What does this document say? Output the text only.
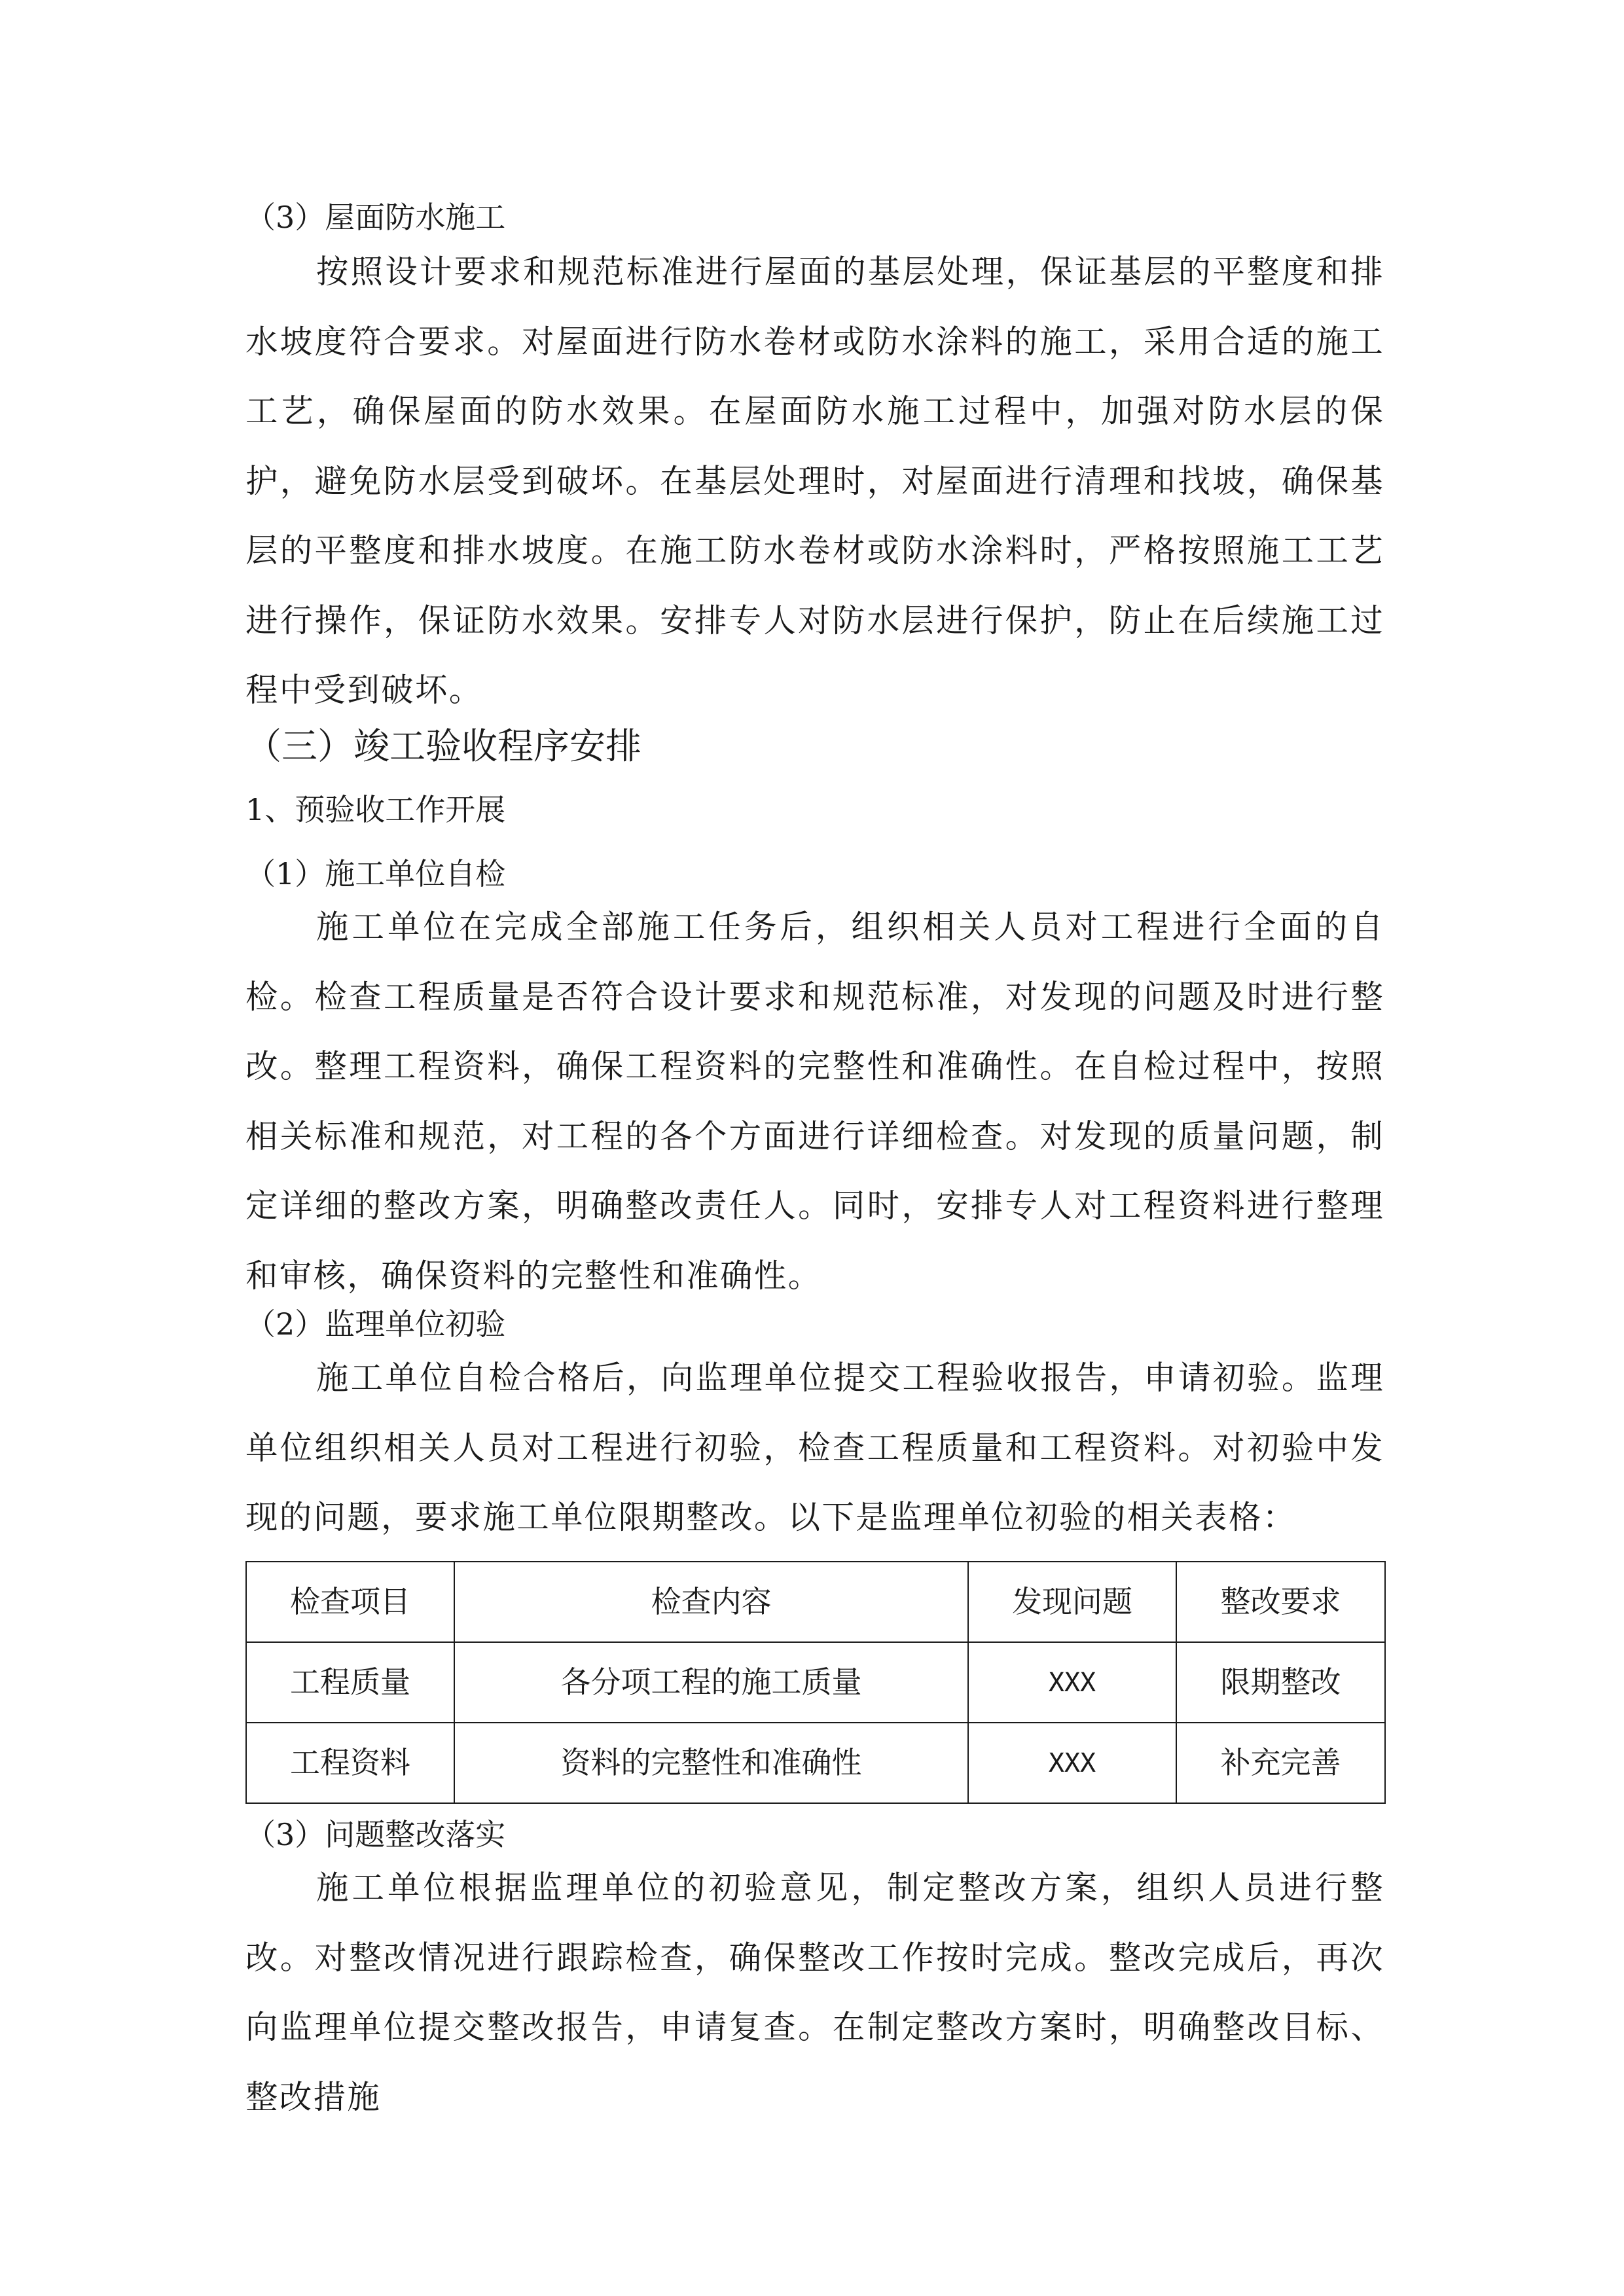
（3）屋面防水施工

按照设计要求和规范标准进行屋面的基层处理，保证基层的平整度和排水坡度符合要求。对屋面进行防水卷材或防水涂料的施工，采用合适的施工工艺，确保屋面的防水效果。在屋面防水施工过程中，加强对防水层的保护，避免防水层受到破坏。在基层处理时，对屋面进行清理和找坡，确保基层的平整度和排水坡度。在施工防水卷材或防水涂料时，严格按照施工工艺进行操作，保证防水效果。安排专人对防水层进行保护，防止在后续施工过程中受到破坏。

（三）竣工验收程序安排

1、预验收工作开展

（1）施工单位自检

施工单位在完成全部施工任务后，组织相关人员对工程进行全面的自检。检查工程质量是否符合设计要求和规范标准，对发现的问题及时进行整改。整理工程资料，确保工程资料的完整性和准确性。在自检过程中，按照相关标准和规范，对工程的各个方面进行详细检查。对发现的质量问题，制定详细的整改方案，明确整改责任人。同时，安排专人对工程资料进行整理和审核，确保资料的完整性和准确性。

（2）监理单位初验

施工单位自检合格后，向监理单位提交工程验收报告，申请初验。监理单位组织相关人员对工程进行初验，检查工程质量和工程资料。对初验中发现的问题，要求施工单位限期整改。以下是监理单位初验的相关表格：

检查项目	检查内容	发现问题	整改要求
工程质量	各分项工程的施工质量	XXX	限期整改
工程资料	资料的完整性和准确性	XXX	补充完善

（3）问题整改落实

施工单位根据监理单位的初验意见，制定整改方案，组织人员进行整改。对整改情况进行跟踪检查，确保整改工作按时完成。整改完成后，再次向监理单位提交整改报告，申请复查。在制定整改方案时，明确整改目标、整改措施
